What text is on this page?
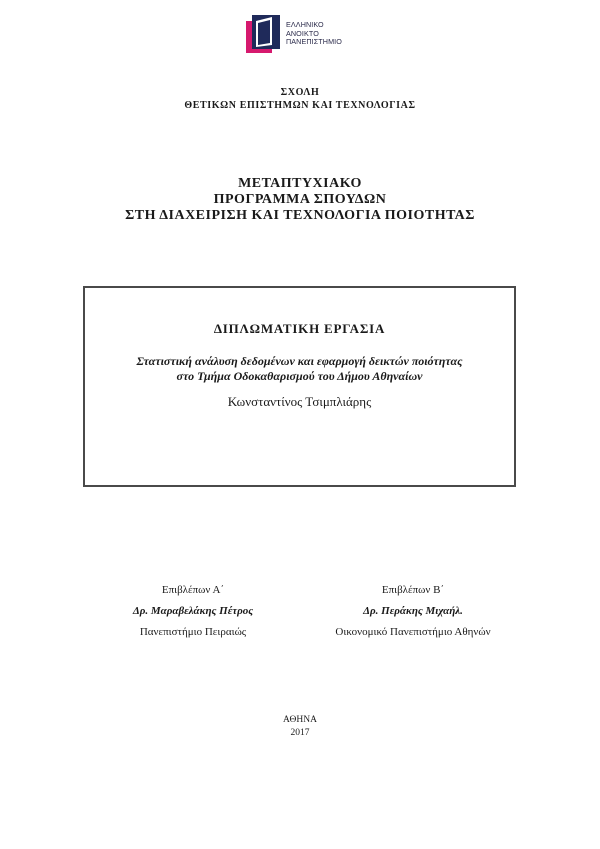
ΕΛΛΗΝΙΚΟ
ΑΝΟΙΚΤΟ
ΠΑΝΕΠΙΣΤΗΜΙΟ
ΣΧΟΛΗ
ΘΕΤΙΚΩΝ ΕΠΙΣΤΗΜΩΝ ΚΑΙ ΤΕΧΝΟΛΟΓΙΑΣ
ΜΕΤΑΠΤΥΧΙΑΚΟ
ΠΡΟΓΡΑΜΜΑ ΣΠΟΥΔΩΝ
ΣΤΗ ΔΙΑΧΕΙΡΙΣΗ ΚΑΙ ΤΕΧΝΟΛΟΓΙΑ ΠΟΙΟΤΗΤΑΣ
ΔΙΠΛΩΜΑΤΙΚΗ ΕΡΓΑΣΙΑ
Στατιστική ανάλυση δεδομένων και εφαρμογή δεικτών ποιότητας
στο Τμήμα Οδοκαθαρισμού του Δήμου Αθηναίων
Κωνσταντίνος Τσιμπλιάρης
Επιβλέπων Α΄
Δρ. Μαραβελάκης Πέτρος
Πανεπιστήμιο Πειραιώς
Επιβλέπων Β΄
Δρ. Περάκης Μιχαήλ.
Οικονομικό Πανεπιστήμιο Αθηνών
ΑΘΗΝΑ
2017
